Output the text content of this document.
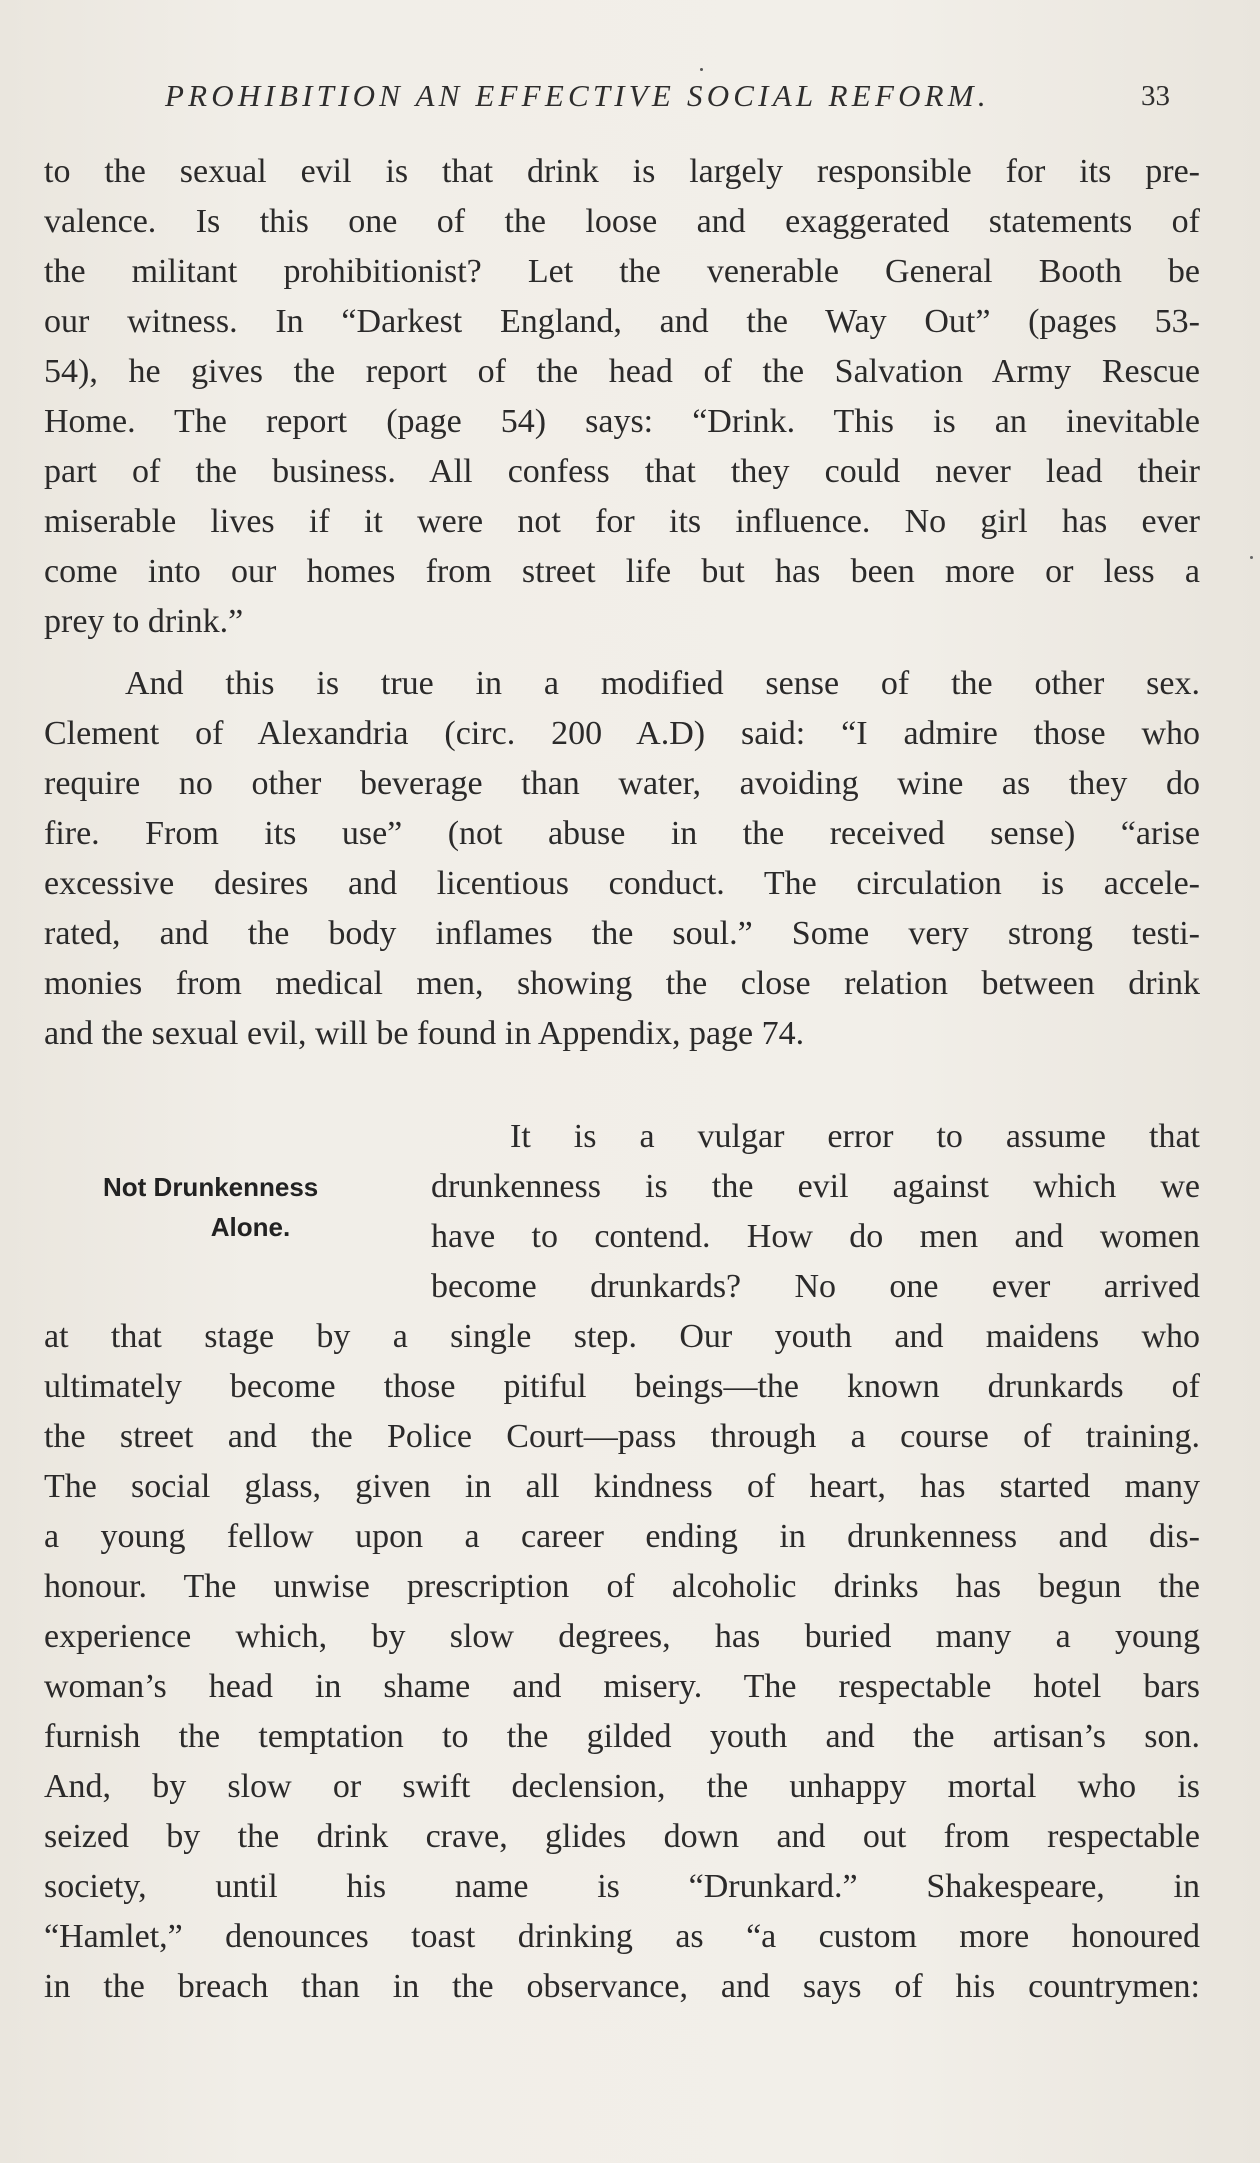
PROHIBITION AN EFFECTIVE SOCIAL REFORM.	33
to the sexual evil is that drink is largely responsible for its pre-
valence. Is this one of the loose and exaggerated statements of
the militant prohibitionist? Let the venerable General Booth be
our witness. In “Darkest England, and the Way Out” (pages 53-
54), he gives the report of the head of the Salvation Army Rescue
Home. The report (page 54) says: “Drink. This is an inevitable
part of the business. All confess that they could never lead their
miserable lives if it were not for its influence. No girl has ever
come into our homes from street life but has been more or less a
prey to drink.”
And this is true in a modified sense of the other sex.
Clement of Alexandria (circ. 200 A.D) said: “I admire those who
require no other beverage than water, avoiding wine as they do
fire. From its use” (not abuse in the received sense) “arise
excessive desires and licentious conduct. The circulation is accele-
rated, and the body inflames the soul.” Some very strong testi-
monies from medical men, showing the close relation between drink
and the sexual evil, will be found in Appendix, page 74.
Not Drunkenness
Alone.
It is a vulgar error to assume that
drunkenness is the evil against which we
have to contend. How do men and women
become drunkards? No one ever arrived
at that stage by a single step. Our youth and maidens who
ultimately become those pitiful beings—the known drunkards of
the street and the Police Court—pass through a course of training.
The social glass, given in all kindness of heart, has started many
a young fellow upon a career ending in drunkenness and dis-
honour. The unwise prescription of alcoholic drinks has begun the
experience which, by slow degrees, has buried many a young
woman’s head in shame and misery. The respectable hotel bars
furnish the temptation to the gilded youth and the artisan’s son.
And, by slow or swift declension, the unhappy mortal who is
seized by the drink crave, glides down and out from respectable
society, until his name is “Drunkard.” Shakespeare, in
“Hamlet,” denounces toast drinking as “a custom more honoured
in the breach than in the observance, and says of his countrymen:
